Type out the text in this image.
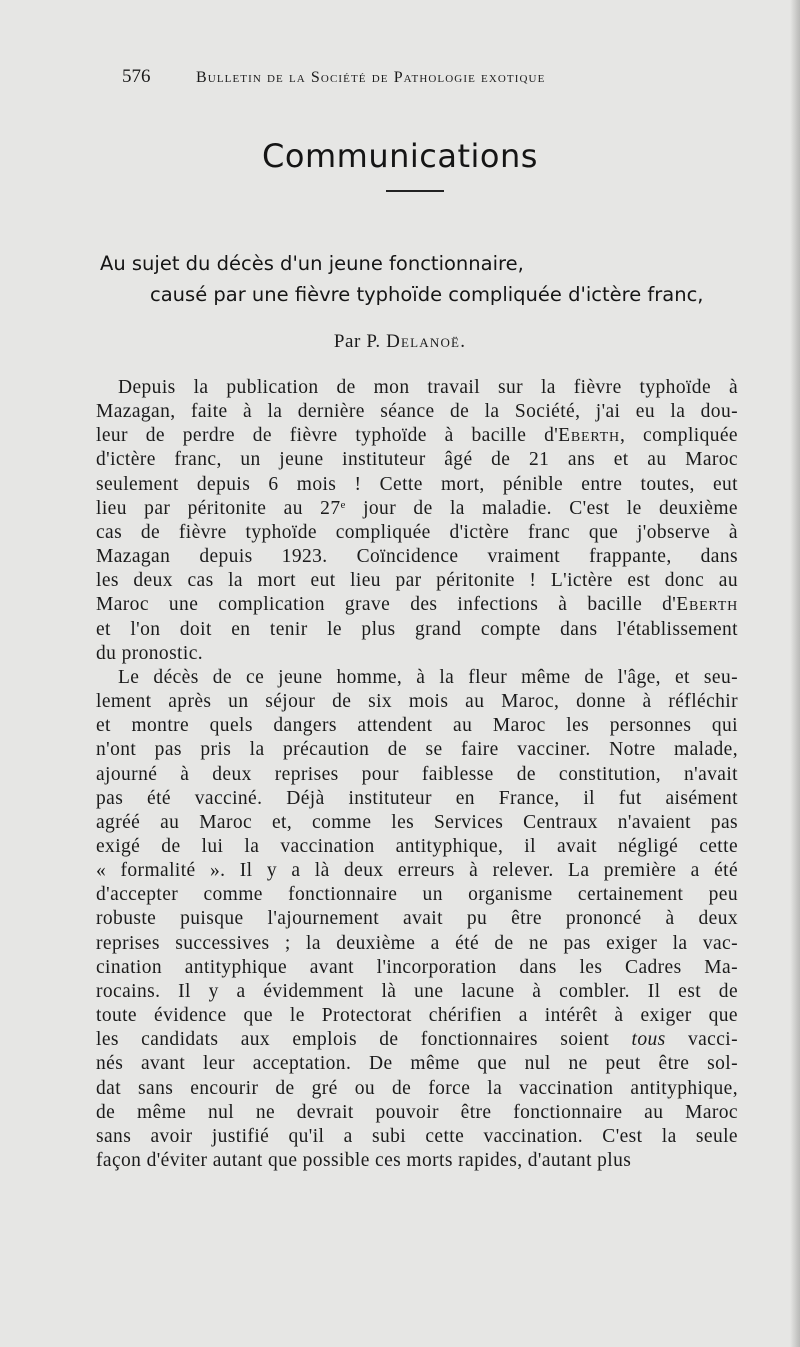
576	Bulletin de la Société de Pathologie exotique
Communications
Au sujet du décès d'un jeune fonctionnaire,
causé par une fièvre typhoïde compliquée d'ictère franc,
Par P. Delanoë.

Depuis la publication de mon travail sur la fièvre typhoïde à
Mazagan, faite à la dernière séance de la Société, j'ai eu la dou-
leur de perdre de fièvre typhoïde à bacille d'Eberth, compliquée
d'ictère franc, un jeune instituteur âgé de 21 ans et au Maroc
seulement depuis 6 mois ! Cette mort, pénible entre toutes, eut
lieu par péritonite au 27e jour de la maladie. C'est le deuxième
cas de fièvre typhoïde compliquée d'ictère franc que j'observe à
Mazagan depuis 1923. Coïncidence vraiment frappante, dans
les deux cas la mort eut lieu par péritonite ! L'ictère est donc au
Maroc une complication grave des infections à bacille d'Eberth
et l'on doit en tenir le plus grand compte dans l'établissement
du pronostic.

Le décès de ce jeune homme, à la fleur même de l'âge, et seu-
lement après un séjour de six mois au Maroc, donne à réfléchir
et montre quels dangers attendent au Maroc les personnes qui
n'ont pas pris la précaution de se faire vacciner. Notre malade,
ajourné à deux reprises pour faiblesse de constitution, n'avait
pas été vacciné. Déjà instituteur en France, il fut aisément
agréé au Maroc et, comme les Services Centraux n'avaient pas
exigé de lui la vaccination antityphique, il avait négligé cette
« formalité ». Il y a là deux erreurs à relever. La première a été
d'accepter comme fonctionnaire un organisme certainement peu
robuste puisque l'ajournement avait pu être prononcé à deux
reprises successives ; la deuxième a été de ne pas exiger la vac-
cination antityphique avant l'incorporation dans les Cadres Ma-
rocains. Il y a évidemment là une lacune à combler. Il est de
toute évidence que le Protectorat chérifien a intérêt à exiger que
les candidats aux emplois de fonctionnaires soient tous vacci-
nés avant leur acceptation. De même que nul ne peut être sol-
dat sans encourir de gré ou de force la vaccination antityphique,
de même nul ne devrait pouvoir être fonctionnaire au Maroc
sans avoir justifié qu'il a subi cette vaccination. C'est la seule
façon d'éviter autant que possible ces morts rapides, d'autant plus
